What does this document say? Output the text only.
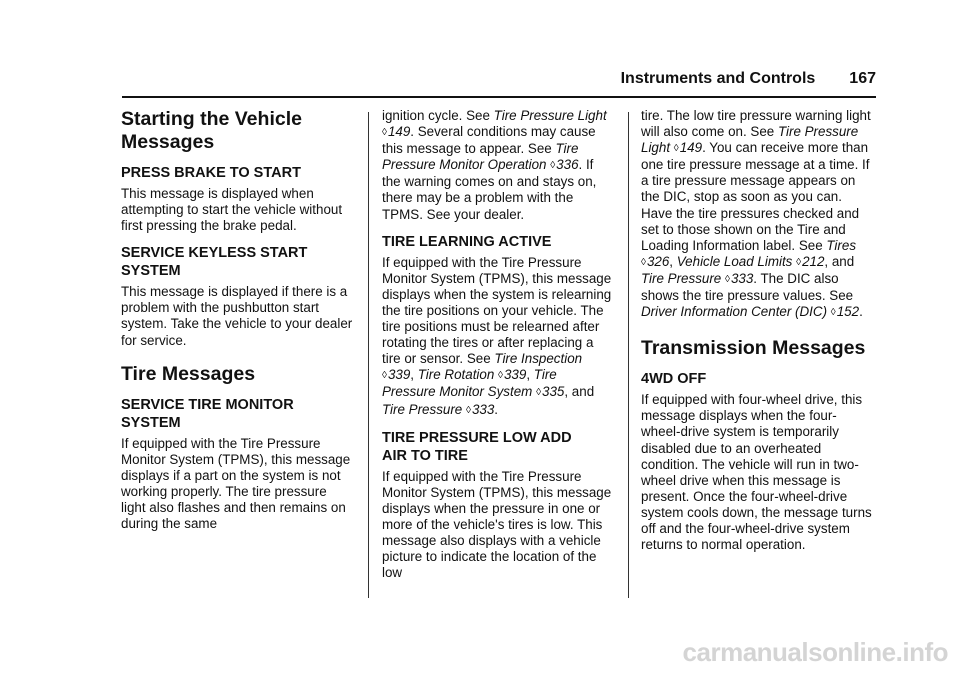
Instruments and Controls 167
Starting the Vehicle
Messages
PRESS BRAKE TO START

This message is displayed when attempting to start the vehicle without first pressing the brake pedal.

SERVICE KEYLESS START
SYSTEM

This message is displayed if there is a problem with the pushbutton start system. Take the vehicle to your dealer for service.

Tire Messages
SERVICE TIRE MONITOR
SYSTEM

If equipped with the Tire Pressure Monitor System (TPMS), this message displays if a part on the system is not working properly. The tire pressure light also flashes and then remains on during the same

ignition cycle. See Tire Pressure Light ◊149. Several conditions may cause this message to appear. See Tire Pressure Monitor Operation ◊336. If the warning comes on and stays on, there may be a problem with the TPMS. See your dealer.

TIRE LEARNING ACTIVE

If equipped with the Tire Pressure Monitor System (TPMS), this message displays when the system is relearning the tire positions on your vehicle. The tire positions must be relearned after rotating the tires or after replacing a tire or sensor. See Tire Inspection ◊339, Tire Rotation ◊339, Tire Pressure Monitor System ◊335, and Tire Pressure ◊333.

TIRE PRESSURE LOW ADD
AIR TO TIRE

If equipped with the Tire Pressure Monitor System (TPMS), this message displays when the pressure in one or more of the vehicle's tires is low. This message also displays with a vehicle picture to indicate the location of the low

tire. The low tire pressure warning light will also come on. See Tire Pressure Light ◊149. You can receive more than one tire pressure message at a time. If a tire pressure message appears on the DIC, stop as soon as you can. Have the tire pressures checked and set to those shown on the Tire and Loading Information label. See Tires ◊326, Vehicle Load Limits ◊212, and Tire Pressure ◊333. The DIC also shows the tire pressure values. See Driver Information Center (DIC) ◊152.

Transmission Messages
4WD OFF

If equipped with four-wheel drive, this message displays when the four-wheel-drive system is temporarily disabled due to an overheated condition. The vehicle will run in two-wheel drive when this message is present. Once the four-wheel-drive system cools down, the message turns off and the four-wheel-drive system returns to normal operation.

carmanualsonline.info
